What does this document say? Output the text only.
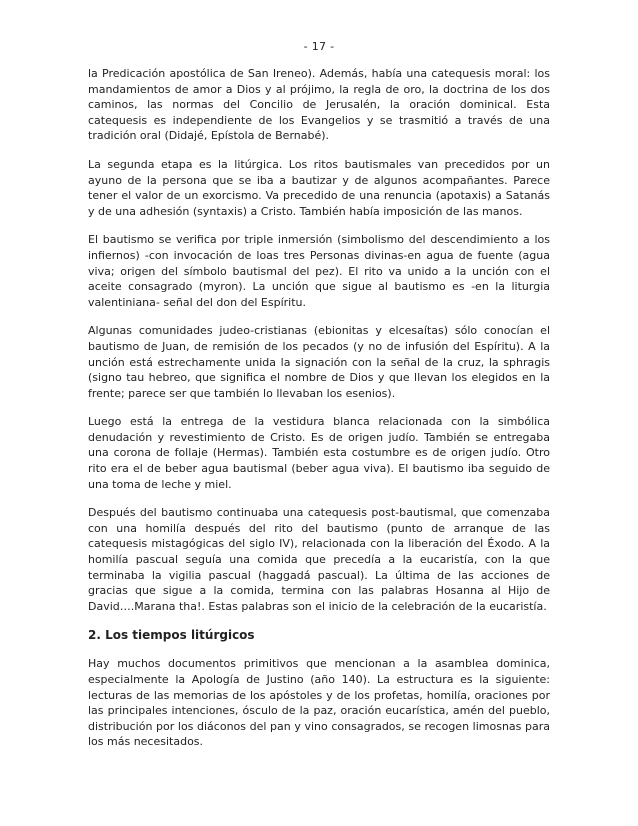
- 17 -

la Predicación apostólica de San Ireneo). Además, había una catequesis moral: los mandamientos de amor a Dios y al prójimo, la regla de oro, la doctrina de los dos caminos, las normas del Concilio de Jerusalén, la oración dominical. Esta catequesis es independiente de los Evangelios y se trasmitió a través de una tradición oral (Didajé, Epístola de Bernabé).

La segunda etapa es la litúrgica. Los ritos bautismales van precedidos por un ayuno de la persona que se iba a bautizar y de algunos acompañantes. Parece tener el valor de un exorcismo. Va precedido de una renuncia (apotaxis) a Satanás y de una adhesión (syntaxis) a Cristo. También había imposición de las manos.

El bautismo se verifica por triple inmersión (simbolismo del descendimiento a los infiernos) -con invocación de loas tres Personas divinas-en agua de fuente (agua viva; origen del símbolo bautismal del pez). El rito va unido a la unción con el aceite consagrado (myron). La unción que sigue al bautismo es -en la liturgia valentiniana- señal del don del Espíritu.

Algunas comunidades judeo-cristianas (ebionitas y elcesaítas) sólo conocían el bautismo de Juan, de remisión de los pecados (y no de infusión del Espíritu). A la unción está estrechamente unida la signación con la señal de la cruz, la sphragis (signo tau hebreo, que significa el nombre de Dios y que llevan los elegidos en la frente; parece ser que también lo llevaban los esenios).

Luego está la entrega de la vestidura blanca relacionada con la simbólica denudación y revestimiento de Cristo. Es de origen judío. También se entregaba una corona de follaje (Hermas). También esta costumbre es de origen judío. Otro rito era el de beber agua bautismal (beber agua viva). El bautismo iba seguido de una toma de leche y miel.

Después del bautismo continuaba una catequesis post-bautismal, que comenzaba con una homilía después del rito del bautismo (punto de arranque de las catequesis mistagógicas del siglo IV), relacionada con la liberación del Éxodo. A la homilía pascual seguía una comida que precedía a la eucaristía, con la que terminaba la vigilia pascual (haggadá pascual). La última de las acciones de gracias que sigue a la comida, termina con las palabras Hosanna al Hijo de David….Marana tha!. Estas palabras son el inicio de la celebración de la eucaristía.

2. Los tiempos litúrgicos

Hay muchos documentos primitivos que mencionan a la asamblea dominica, especialmente la Apología de Justino (año 140). La estructura es la siguiente: lecturas de las memorias de los apóstoles y de los profetas, homilía, oraciones por las principales intenciones, ósculo de la paz, oración eucarística, amén del pueblo, distribución por los diáconos del pan y vino consagrados, se recogen limosnas para los más necesitados.
